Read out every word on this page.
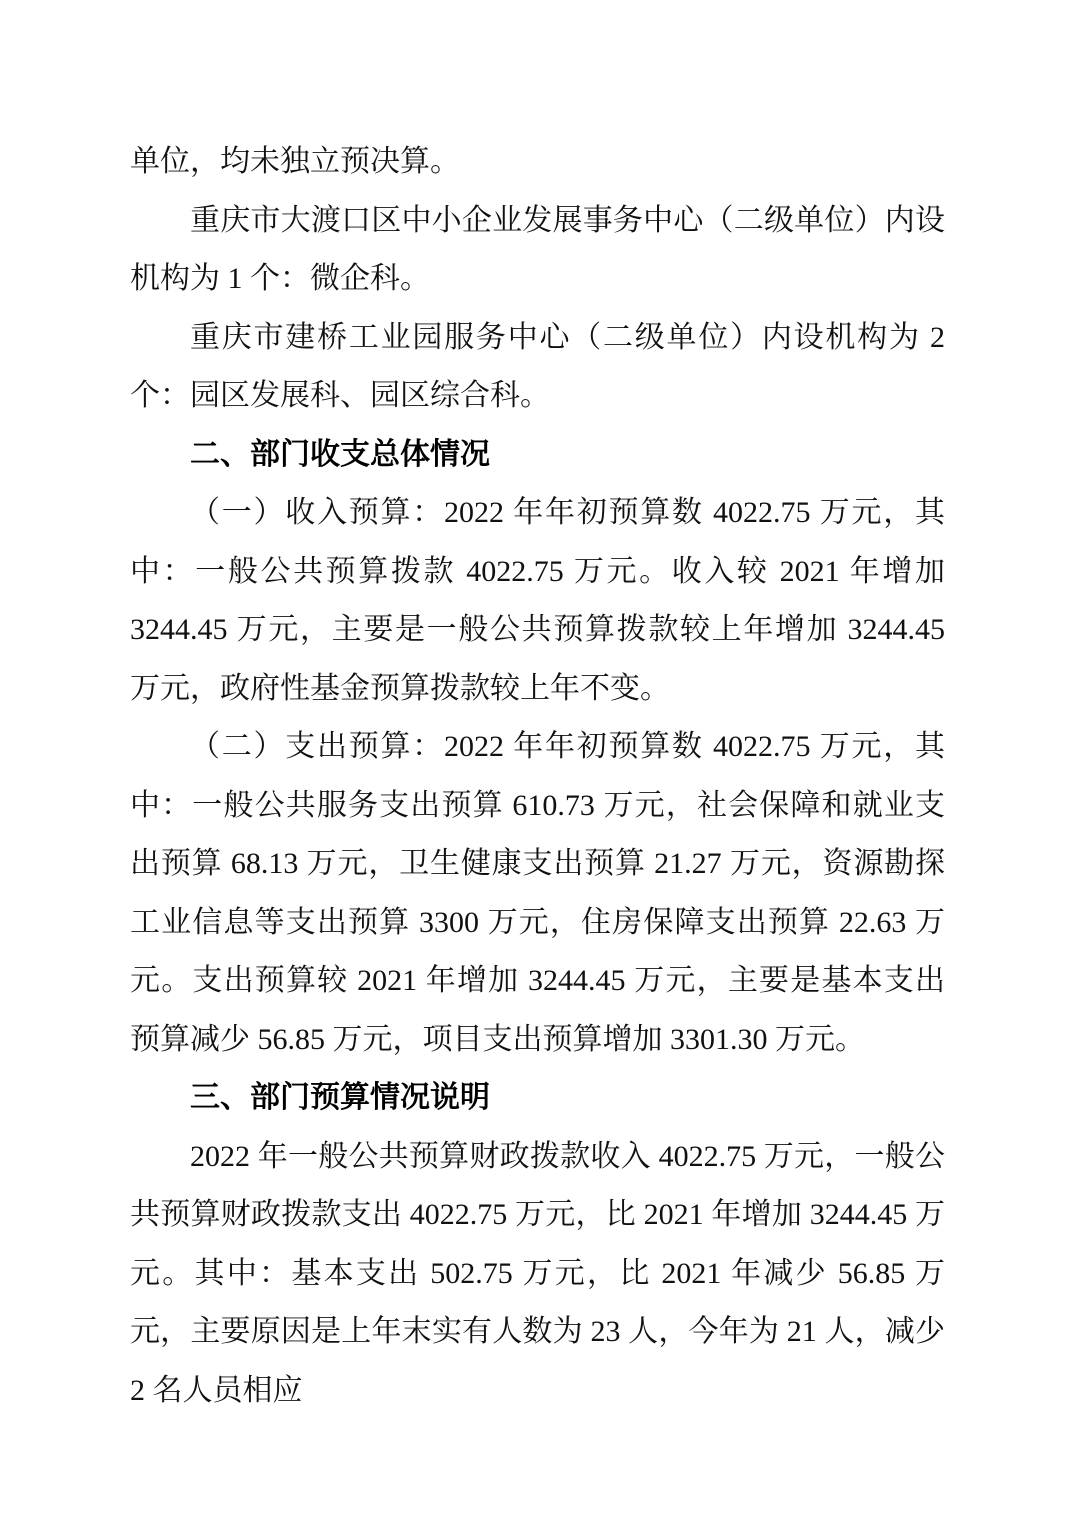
单位，均未独立预决算。

重庆市大渡口区中小企业发展事务中心（二级单位）内设机构为 1 个：微企科。

重庆市建桥工业园服务中心（二级单位）内设机构为 2 个：园区发展科、园区综合科。

二、部门收支总体情况

（一）收入预算：2022 年年初预算数 4022.75 万元，其中：一般公共预算拨款 4022.75 万元。收入较 2021 年增加 3244.45 万元，主要是一般公共预算拨款较上年增加 3244.45 万元，政府性基金预算拨款较上年不变。

（二）支出预算：2022 年年初预算数 4022.75 万元，其中：一般公共服务支出预算 610.73 万元，社会保障和就业支出预算 68.13 万元，卫生健康支出预算 21.27 万元，资源勘探工业信息等支出预算 3300 万元，住房保障支出预算 22.63 万元。支出预算较 2021 年增加 3244.45 万元，主要是基本支出预算减少 56.85 万元，项目支出预算增加 3301.30 万元。

三、部门预算情况说明

2022 年一般公共预算财政拨款收入 4022.75 万元，一般公共预算财政拨款支出 4022.75 万元，比 2021 年增加 3244.45 万元。其中：基本支出 502.75 万元，比 2021 年减少 56.85 万元，主要原因是上年末实有人数为 23 人，今年为 21 人，减少 2 名人员相应
